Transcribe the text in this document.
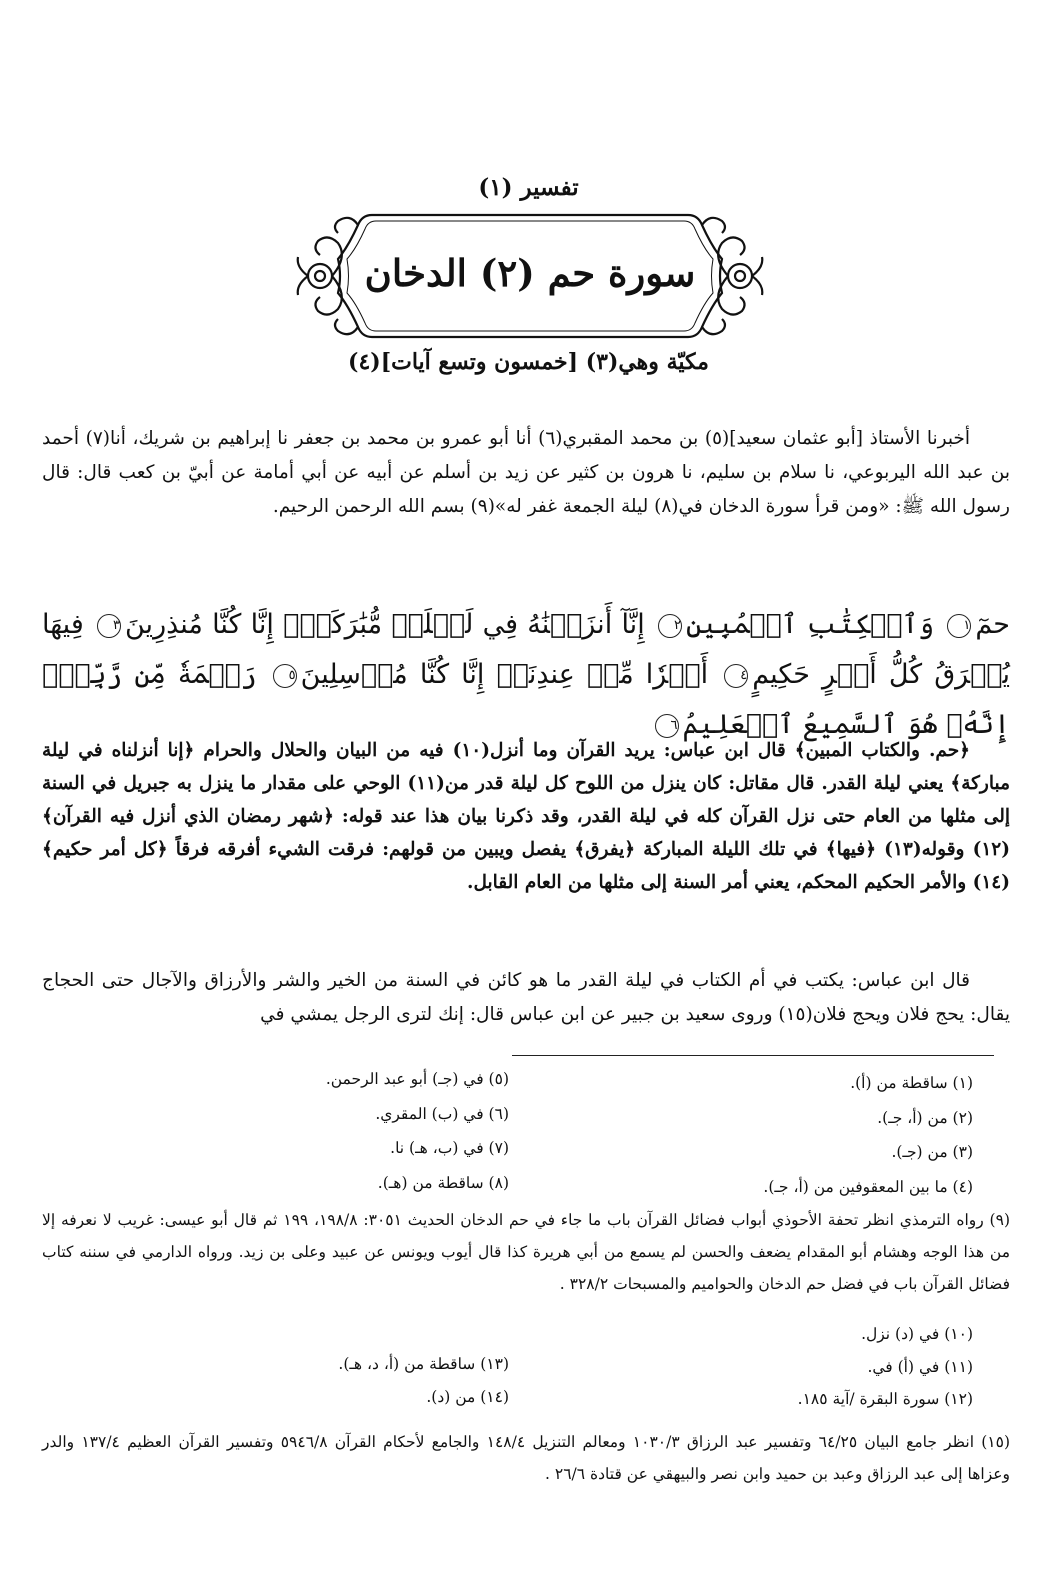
تفسير (١)
سورة حم (٢) الدخان
مكيّة وهي(٣) [خمسون وتسع آيات](٤)
أخبرنا الأستاذ [أبو عثمان سعيد](٥) بن محمد المقبري(٦) أنا أبو عمرو بن محمد بن جعفر نا إبراهيم بن شريك، أنا(٧) أحمد بن عبد الله اليربوعي، نا سلام بن سليم، نا هرون بن كثير عن زيد بن أسلم عن أبيه عن أبي أمامة عن أبيّ بن كعب قال: قال رسول الله ﷺ: «ومن قرأ سورة الدخان في(٨) ليلة الجمعة غفر له»(٩) بسم الله الرحمن الرحيم.
حمٓ١ وَٱلۡكِتَٰبِ ٱلۡمُبِينِ٢ إِنَّآ أَنزَلۡنَٰهُ فِي لَيۡلَةٖ مُّبَٰرَكَةٍۚ إِنَّا كُنَّا مُنذِرِينَ٣ فِيهَا يُفۡرَقُ كُلُّ أَمۡرٍ حَكِيمٍ٤ أَمۡرٗا مِّنۡ عِندِنَآۚ إِنَّا كُنَّا مُرۡسِلِينَ٥ رَحۡمَةٗ مِّن رَّبِّكَۚ إِنَّهُۥ هُوَ ٱلسَّمِيعُ ٱلۡعَلِيمُ٦
﴿حم. والكتاب المبين﴾ قال ابن عباس: يريد القرآن وما أنزل(١٠) فيه من البيان والحلال والحرام ﴿إنا أنزلناه في ليلة مباركة﴾ يعني ليلة القدر. قال مقاتل: كان ينزل من اللوح كل ليلة قدر من(١١) الوحي على مقدار ما ينزل به جبريل في السنة إلى مثلها من العام حتى نزل القرآن كله في ليلة القدر، وقد ذكرنا بيان هذا عند قوله: ﴿شهر رمضان الذي أنزل فيه القرآن﴾(١٢) وقوله(١٣) ﴿فيها﴾ في تلك الليلة المباركة ﴿يفرق﴾ يفصل ويبين من قولهم: فرقت الشيء أفرقه فرقاً ﴿كل أمر حكيم﴾(١٤) والأمر الحكيم المحكم، يعني أمر السنة إلى مثلها من العام القابل.
قال ابن عباس: يكتب في أم الكتاب في ليلة القدر ما هو كائن في السنة من الخير والشر والأرزاق والآجال حتى الحجاج يقال: يحج فلان ويحج فلان(١٥) وروى سعيد بن جبير عن ابن عباس قال: إنك لترى الرجل يمشي في
(١) ساقطة من (أ).
(٢) من (أ، جـ).
(٣) من (جـ).
(٤) ما بين المعقوفين من (أ، جـ).
(٥) في (جـ) أبو عبد الرحمن.
(٦) في (ب) المقري.
(٧) في (ب، هـ) نا.
(٨) ساقطة من (هـ).
(٩) رواه الترمذي انظر تحفة الأحوذي أبواب فضائل القرآن باب ما جاء في حم الدخان الحديث ٣٠٥١: ١٩٨/٨، ١٩٩ ثم قال أبو عيسى: غريب لا نعرفه إلا من هذا الوجه وهشام أبو المقدام يضعف والحسن لم يسمع من أبي هريرة كذا قال أيوب ويونس عن عبيد وعلى بن زيد. ورواه الدارمي في سننه كتاب فضائل القرآن باب في فضل حم الدخان والحواميم والمسبحات ٣٢٨/٢ .
(١٠) في (د) نزل.
(١١) في (أ) في.
(١٢) سورة البقرة /آية ١٨٥.
(١٣) ساقطة من (أ، د، هـ).
(١٤) من (د).
(١٥) انظر جامع البيان ٦٤/٢٥ وتفسير عبد الرزاق ١٠٣٠/٣ ومعالم التنزيل ١٤٨/٤ والجامع لأحكام القرآن ٥٩٤٦/٨ وتفسير القرآن العظيم ١٣٧/٤ والدر وعزاها إلى عبد الرزاق وعبد بن حميد وابن نصر والبيهقي عن قتادة ٢٦/٦ .
